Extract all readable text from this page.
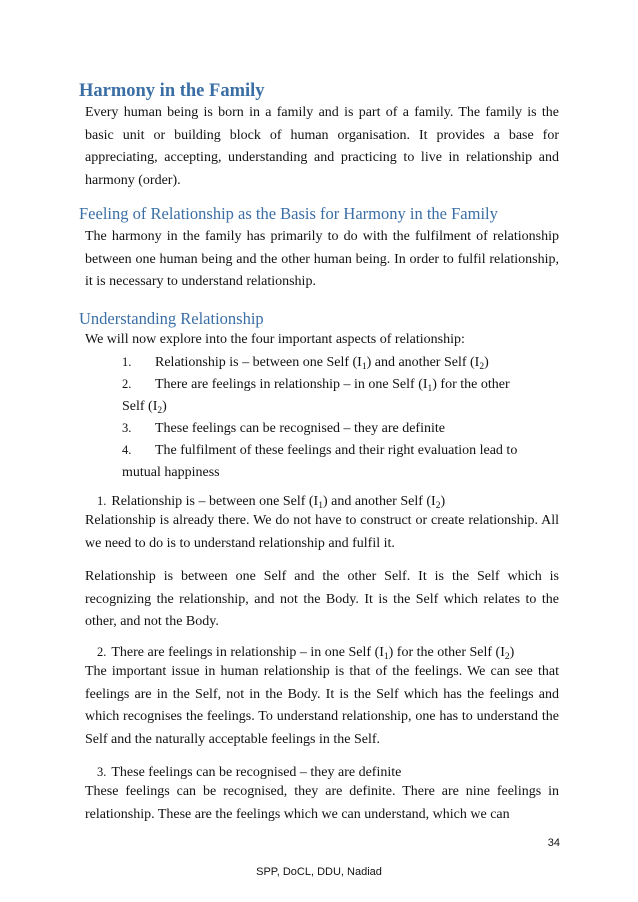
Harmony in the Family
Every human being is born in a family and is part of a family. The family is the basic unit or building block of human organisation. It provides a base for appreciating, accepting, understanding and practicing to live in relationship and harmony (order).
Feeling of Relationship as the Basis for Harmony in the Family
The harmony in the family has primarily to do with the fulfilment of relationship between one human being and the other human being. In order to fulfil relationship, it is necessary to understand relationship.
Understanding Relationship
We will now explore into the four important aspects of relationship:
1. Relationship is – between one Self $(I_1)$ and another Self $(I_2)$
2. There are feelings in relationship – in one Self $(I_1)$ for the other
Self $(I_2)$
3. These feelings can be recognised – they are definite
4. The fulfilment of these feelings and their right evaluation lead to
mutual happiness
1. Relationship is – between one Self $(I_1)$ and another Self $(I_2)$
Relationship is already there. We do not have to construct or create relationship. All we need to do is to understand relationship and fulfil it.
Relationship is between one Self and the other Self. It is the Self which is recognizing the relationship, and not the Body. It is the Self which relates to the other, and not the Body.
2. There are feelings in relationship – in one Self $(I_1)$ for the other Self $(I_2)$
The important issue in human relationship is that of the feelings. We can see that feelings are in the Self, not in the Body. It is the Self which has the feelings and which recognises the feelings. To understand relationship, one has to understand the Self and the naturally acceptable feelings in the Self.
3. These feelings can be recognised – they are definite
These feelings can be recognised, they are definite. There are nine feelings in relationship. These are the feelings which we can understand, which we can
34
SPP, DoCL, DDU, Nadiad
